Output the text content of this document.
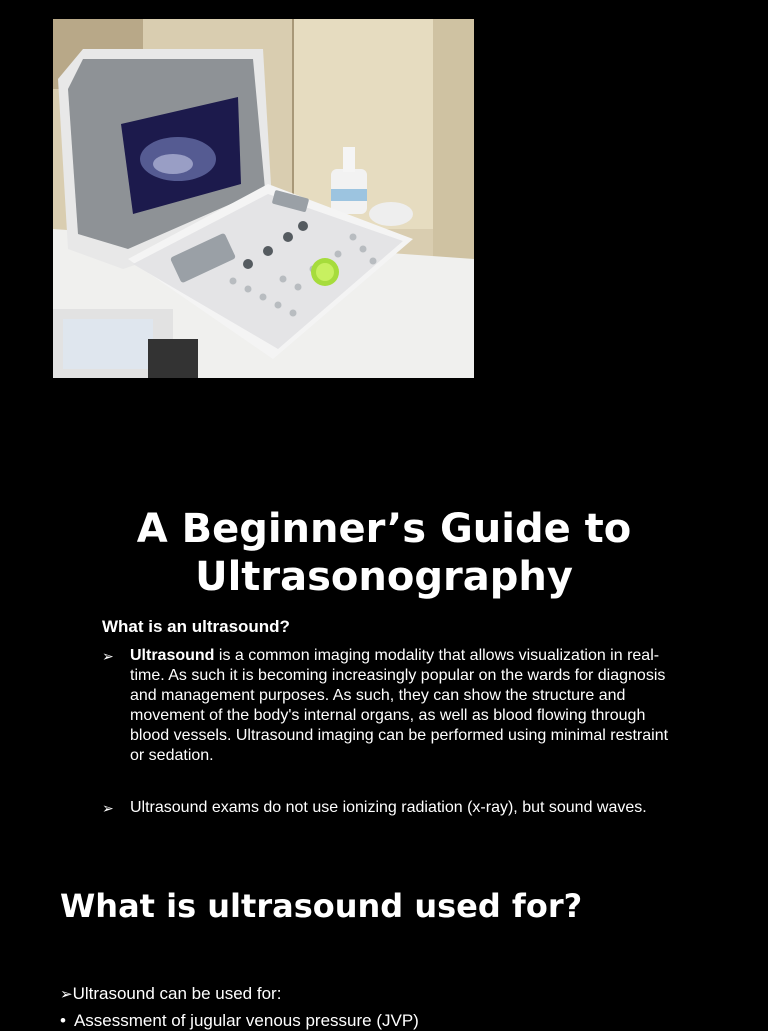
A Beginner’s Guide to Ultrasonography
What is an ultrasound?
➢ Ultrasound is a common imaging modality that allows visualization in real-time. As such it is becoming increasingly popular on the wards for diagnosis and management purposes. As such, they can show the structure and movement of the body's internal organs, as well as blood flowing through blood vessels. Ultrasound imaging can be performed using minimal restraint or sedation.
➢ Ultrasound exams do not use ionizing radiation (x-ray), but sound waves.
What is ultrasound used for?
➢Ultrasound can be used for:
• Assessment of jugular venous pressure (JVP)
